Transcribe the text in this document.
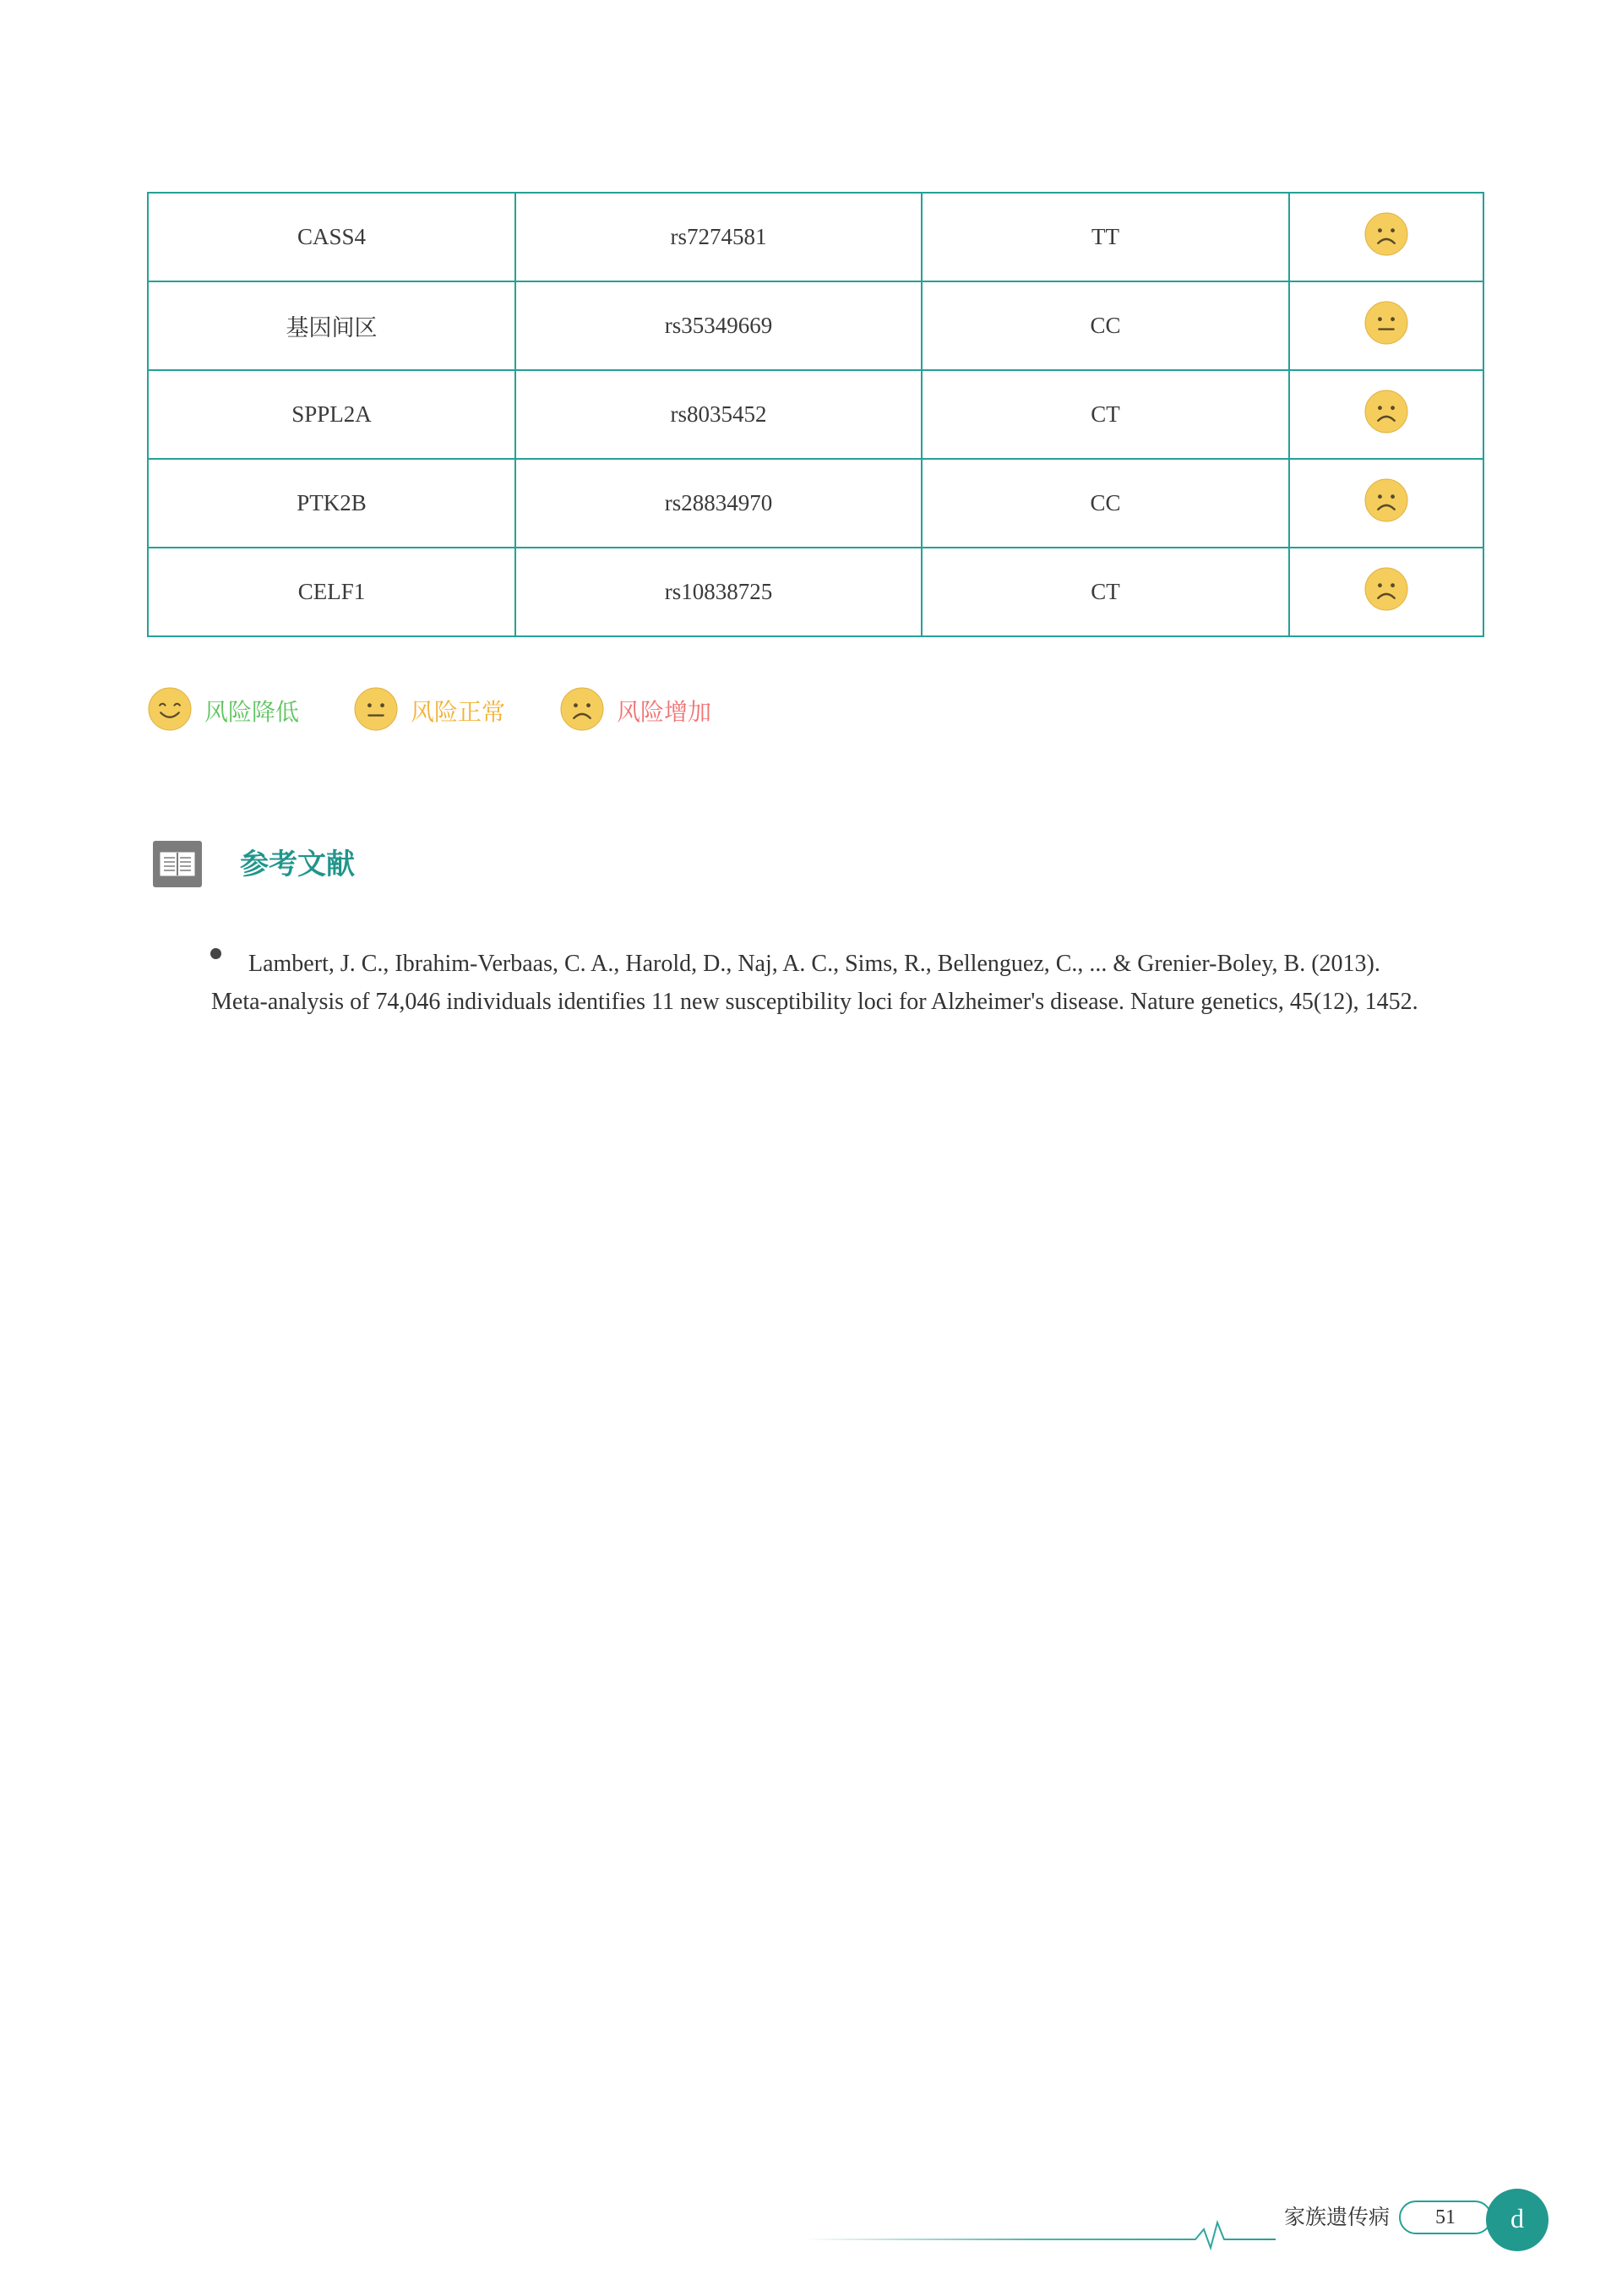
CASS4	rs7274581	TT	
基因间区	rs35349669	CC	
SPPL2A	rs8035452	CT	
PTK2B	rs28834970	CC	
CELF1	rs10838725	CT	
风险降低	风险正常	风险增加
参考文献
Lambert, J. C., Ibrahim-Verbaas, C. A., Harold, D., Naj, A. C., Sims, R., Bellenguez, C., ... & Grenier-Boley, B. (2013).
Meta-analysis of 74,046 individuals identifies 11 new susceptibility loci for Alzheimer's disease. Nature genetics, 45(12), 1452.
家族遗传病	51	d
